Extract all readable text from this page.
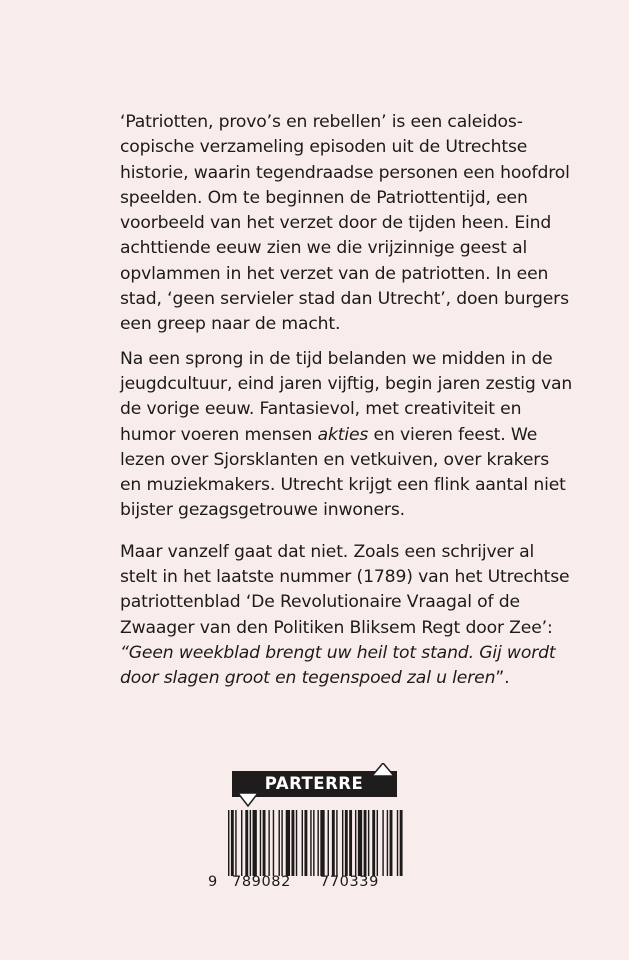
‘Patriotten, provo’s en rebellen’ is een caleidos-
copische verzameling episoden uit de Utrechtse
historie, waarin tegendraadse personen een hoofdrol
speelden. Om te beginnen de Patriottentijd, een
voorbeeld van het verzet door de tijden heen. Eind
achttiende eeuw zien we die vrijzinnige geest al
opvlammen in het verzet van de patriotten. In een
stad, ‘geen servieler stad dan Utrecht’, doen burgers
een greep naar de macht.

Na een sprong in de tijd belanden we midden in de
jeugdcultuur, eind jaren vijftig, begin jaren zestig van
de vorige eeuw. Fantasievol, met creativiteit en
humor voeren mensen akties en vieren feest. We
lezen over Sjorsklanten en vetkuiven, over krakers
en muziekmakers. Utrecht krijgt een flink aantal niet
bijster gezagsgetrouwe inwoners.

Maar vanzelf gaat dat niet. Zoals een schrijver al
stelt in het laatste nummer (1789) van het Utrechtse
patriottenblad ‘De Revolutionaire Vraagal of de
Zwaager van den Politiken Bliksem Regt door Zee’:
“Geen weekblad brengt uw heil tot stand. Gij wordt
door slagen groot en tegenspoed zal u leren”.

PARTERRE
9 789082 770339
